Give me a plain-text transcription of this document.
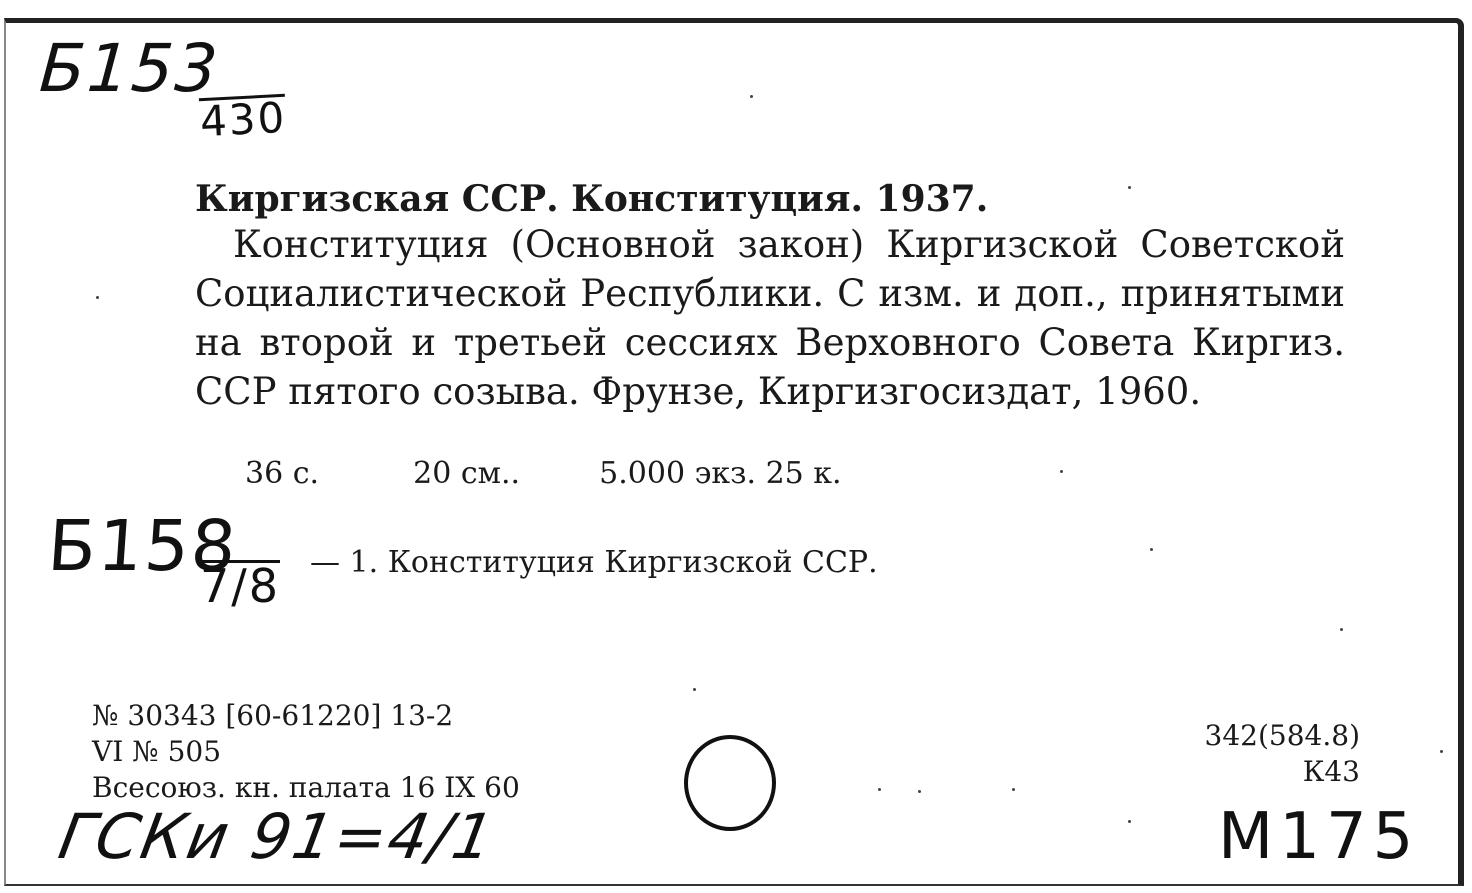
Б153
430
Киргизская ССР. Конституция. 1937.
Конституция (Основной закон) Киргизской Советской Социалистической Республики. С изм. и доп., принятыми на второй и третьей сессиях Верховного Совета Киргиз. ССР пятого созыва. Фрунзе, Киргизгосиздат, 1960.
36 с.	20 см..	5.000 экз. 25 к.
Б158
7/8 — 1. Конституция Киргизской ССР.
№ 30343 [60-61220] 13-2
VI № 505
Всесоюз. кн. палата 16 IX 60
342(584.8)
К43
ГСКи 91=4/1	M175
